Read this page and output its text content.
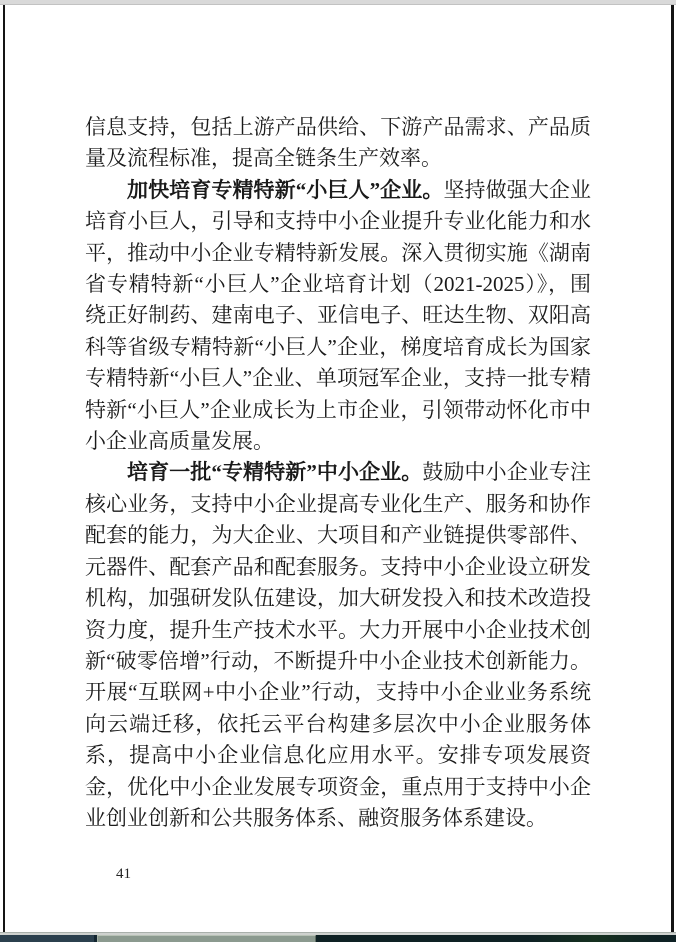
信息支持，包括上游产品供给、下游产品需求、产品质量及流程标准，提高全链条生产效率。

加快培育专精特新“小巨人”企业。坚持做强大企业培育小巨人，引导和支持中小企业提升专业化能力和水平，推动中小企业专精特新发展。深入贯彻实施《湖南省专精特新“小巨人”企业培育计划（2021-2025）》，围绕正好制药、建南电子、亚信电子、旺达生物、双阳高科等省级专精特新“小巨人”企业，梯度培育成长为国家专精特新“小巨人”企业、单项冠军企业，支持一批专精特新“小巨人”企业成长为上市企业，引领带动怀化市中小企业高质量发展。

培育一批“专精特新”中小企业。鼓励中小企业专注核心业务，支持中小企业提高专业化生产、服务和协作配套的能力，为大企业、大项目和产业链提供零部件、元器件、配套产品和配套服务。支持中小企业设立研发机构，加强研发队伍建设，加大研发投入和技术改造投资力度，提升生产技术水平。大力开展中小企业技术创新“破零倍增”行动，不断提升中小企业技术创新能力。开展“互联网+中小企业”行动，支持中小企业业务系统向云端迁移，依托云平台构建多层次中小企业服务体系，提高中小企业信息化应用水平。安排专项发展资金，优化中小企业发展专项资金，重点用于支持中小企业创业创新和公共服务体系、融资服务体系建设。

41
